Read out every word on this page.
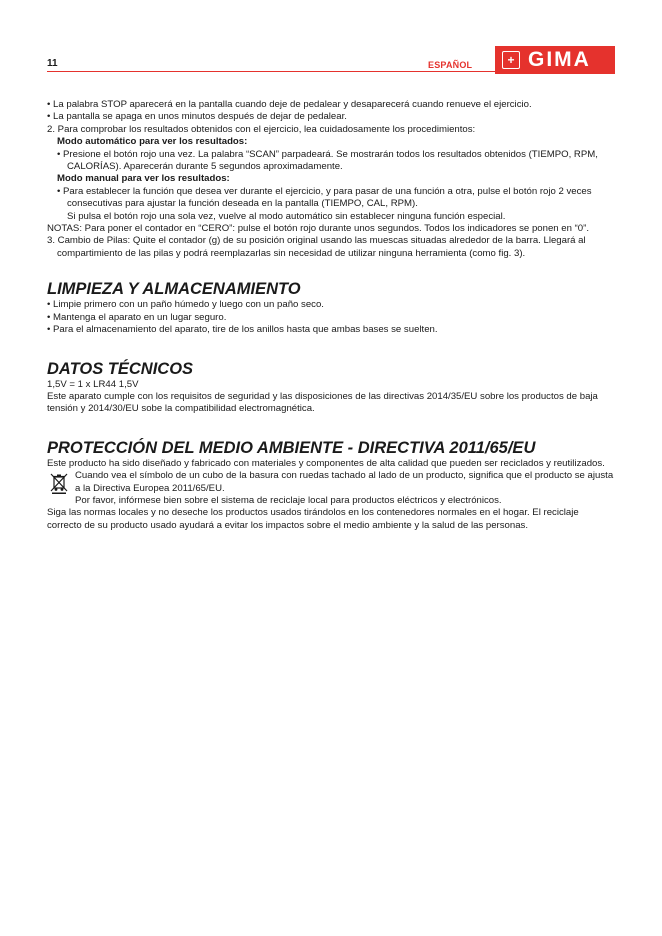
11	ESPAÑOL	+ GIMA

• La palabra STOP aparecerá en la pantalla cuando deje de pedalear y desaparecerá cuando renueve el ejercicio.

• La pantalla se apaga en unos minutos después de dejar de pedalear.

2. Para comprobar los resultados obtenidos con el ejercicio, lea cuidadosamente los procedimientos:

Modo automático para ver los resultados:

• Presione el botón rojo una vez. La palabra “SCAN” parpadeará. Se mostrarán todos los resultados obtenidos (TIEMPO, RPM, CALORÍAS). Aparecerán durante 5 segundos aproximadamente.

Modo manual para ver los resultados:

• Para establecer la función que desea ver durante el ejercicio, y para pasar de una función a otra, pulse el botón rojo 2 veces consecutivas para ajustar la función deseada en la pantalla (TIEMPO, CAL, RPM).

Si pulsa el botón rojo una sola vez, vuelve al modo automático sin establecer ninguna función especial.

NOTAS: Para poner el contador en “CERO”: pulse el botón rojo durante unos segundos. Todos los indicadores se ponen en “0”.

3. Cambio de Pilas: Quite el contador (g) de su posición original usando las muescas situadas alrededor de la barra. Llegará al compartimiento de las pilas y podrá reemplazarlas sin necesidad de utilizar ninguna herramienta (como fig. 3).

LIMPIEZA Y ALMACENAMIENTO

• Limpie primero con un paño húmedo y luego con un paño seco.

• Mantenga el aparato en un lugar seguro.

• Para el almacenamiento del aparato, tire de los anillos hasta que ambas bases se suelten.

DATOS TÉCNICOS

1,5V = 1 x LR44 1,5V

Este aparato cumple con los requisitos de seguridad y las disposiciones de las directivas 2014/35/EU sobre los productos de baja tensión y 2014/30/EU sobe la compatibilidad electromagnética.

PROTECCIÓN DEL MEDIO AMBIENTE - DIRECTIVA 2011/65/EU

Este producto ha sido diseñado y fabricado con materiales y componentes de alta calidad que pueden ser reciclados y reutilizados.

Cuando vea el símbolo de un cubo de la basura con ruedas tachado al lado de un producto, significa que el producto se ajusta a la Directiva Europea 2011/65/EU.

Por favor, infórmese bien sobre el sistema de reciclaje local para productos eléctricos y electrónicos.

Siga las normas locales y no deseche los productos usados tirándolos en los contenedores normales en el hogar. El reciclaje correcto de su producto usado ayudará a evitar los impactos sobre el medio ambiente y la salud de las personas.
